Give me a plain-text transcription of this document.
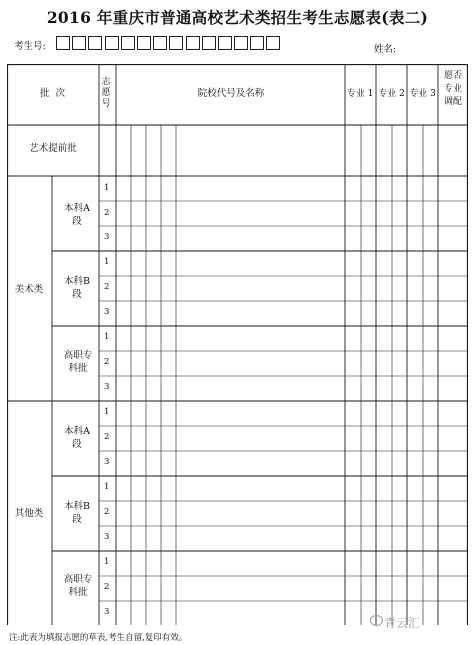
2016 年重庆市普通高校艺术类招生考生志愿表(表二)
考生号:	姓名:
批  次
志愿号
院校代号及名称	专业 1 专业 2 专业 3
愿否专业调配
艺术提前批
美术类
其他类
本科A 段
本科B 段
高职专科批
本科A 段
本科B 段
高职专科批
1
2
3
1
2
3
1
2
3
1
2
3
1
2
3
1
2
3
青云汇
注:此表为填报志愿的草表,考生自留,复印有效。
